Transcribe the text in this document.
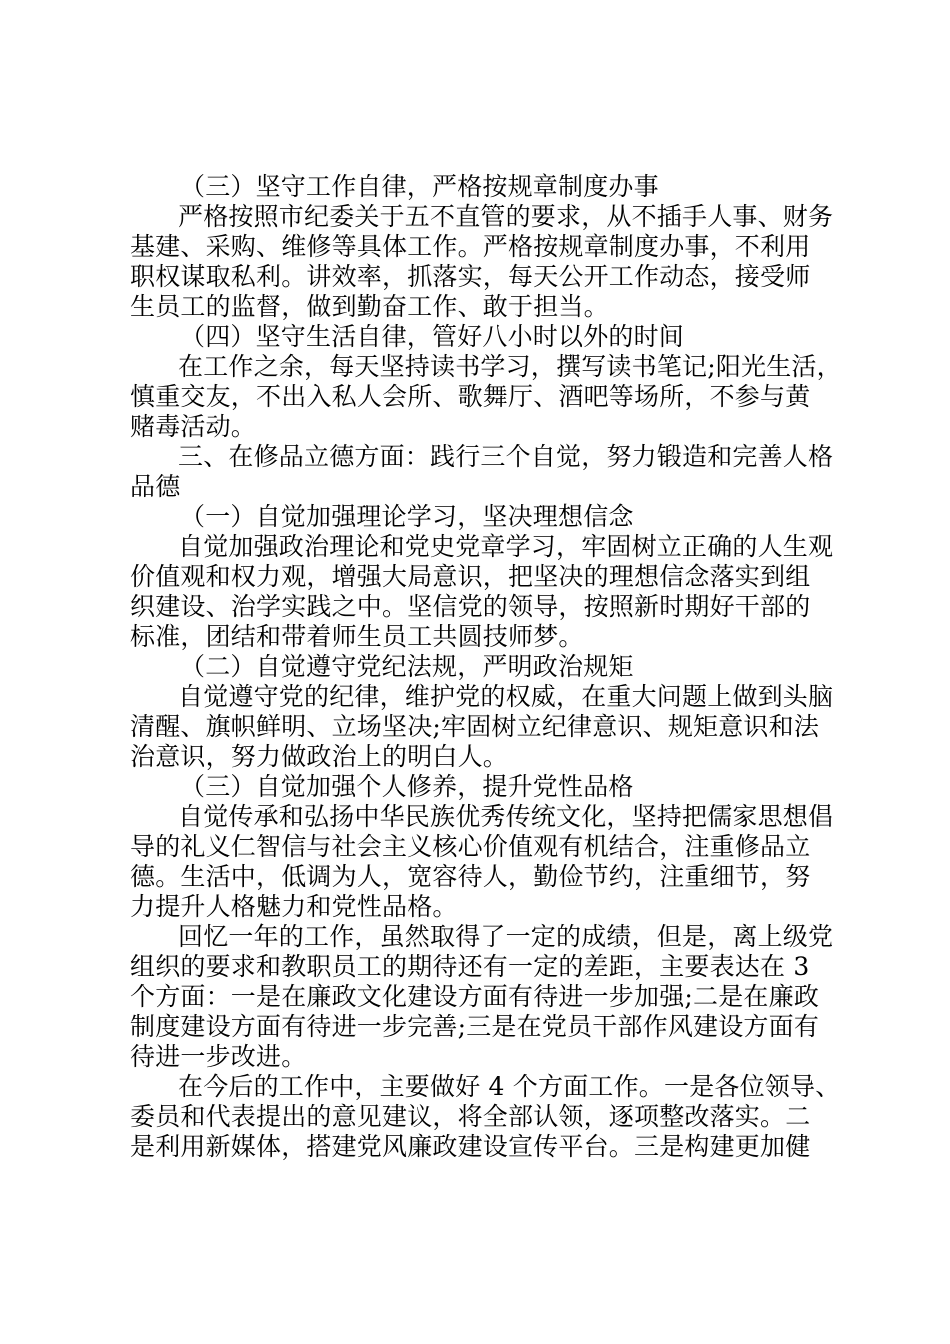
（三）坚守工作自律，严格按规章制度办事
严格按照市纪委关于五不直管的要求，从不插手人事、财务
基建、采购、维修等具体工作。严格按规章制度办事，不利用
职权谋取私利。讲效率，抓落实，每天公开工作动态，接受师
生员工的监督，做到勤奋工作、敢于担当。
（四）坚守生活自律，管好八小时以外的时间
在工作之余，每天坚持读书学习，撰写读书笔记;阳光生活，
慎重交友，不出入私人会所、歌舞厅、酒吧等场所，不参与黄
赌毒活动。
三、在修品立德方面：践行三个自觉，努力锻造和完善人格
品德
（一）自觉加强理论学习，坚决理想信念
自觉加强政治理论和党史党章学习，牢固树立正确的人生观
价值观和权力观，增强大局意识，把坚决的理想信念落实到组
织建设、治学实践之中。坚信党的领导，按照新时期好干部的
标准，团结和带着师生员工共圆技师梦。
（二）自觉遵守党纪法规，严明政治规矩
自觉遵守党的纪律，维护党的权威，在重大问题上做到头脑
清醒、旗帜鲜明、立场坚决;牢固树立纪律意识、规矩意识和法
治意识，努力做政治上的明白人。
（三）自觉加强个人修养，提升党性品格
自觉传承和弘扬中华民族优秀传统文化，坚持把儒家思想倡
导的礼义仁智信与社会主义核心价值观有机结合，注重修品立
德。生活中，低调为人，宽容待人，勤俭节约，注重细节，努
力提升人格魅力和党性品格。
回忆一年的工作，虽然取得了一定的成绩，但是，离上级党
组织的要求和教职员工的期待还有一定的差距，主要表达在 3
个方面：一是在廉政文化建设方面有待进一步加强;二是在廉政
制度建设方面有待进一步完善;三是在党员干部作风建设方面有
待进一步改进。
在今后的工作中，主要做好 4 个方面工作。一是各位领导、
委员和代表提出的意见建议，将全部认领，逐项整改落实。二
是利用新媒体，搭建党风廉政建设宣传平台。三是构建更加健
